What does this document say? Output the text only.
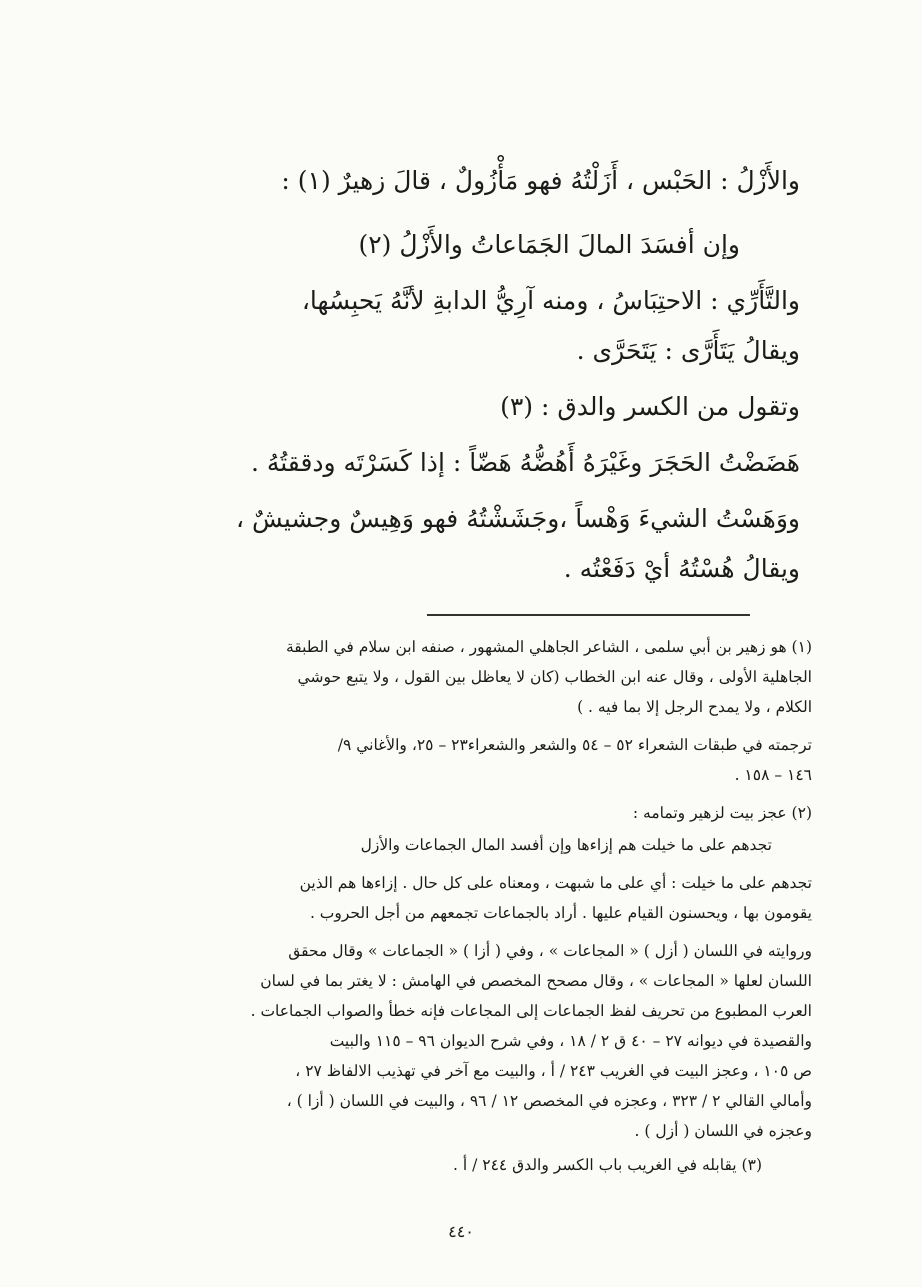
والأَزْلُ : الحَبْس ، أَزَلْتُهُ فهو مَأْزُولٌ ، قالَ زهيرٌ (١) :
وإن أفسَدَ المالَ الجَمَاعاتُ والأَزْلُ (٢)
والتَّأَرِّي : الاحتِبَاسُ ، ومنه آرِيُّ الدابةِ لأنَّهُ يَحبِسُها،
ويقالُ يَتَأَرَّى : يَتَحَرَّى .
وتقول من الكسر والدق : (٣)
هَضَضْتُ الحَجَرَ وغَيْرَهُ أَهُضُّهُ هَضّاً : إذا كَسَرْتَه ودققتُهُ .
ووَهَسْتُ الشيءَ وَهْساً ،وجَشَشْتُهُ فهو وَهِيسٌ وجشيشٌ ،
ويقالُ هُسْتُهُ أيْ دَفَعْتُه .
(١) هو زهير بن أبي سلمى ، الشاعر الجاهلي المشهور ، صنفه ابن سلام في الطبقة
الجاهلية الأولى ، وقال عنه ابن الخطاب (كان لا يعاظل بين القول ، ولا يتبع حوشي
الكلام ، ولا يمدح الرجل إلا بما فيه . )
ترجمته في طبقات الشعراء ٥٢ – ٥٤ والشعر والشعراء٢٣ – ٢٥، والأغاني ٩/
١٤٦ – ١٥٨ .
(٢) عجز بيت لزهير وتمامه :
تجدهم على ما خيلت هم إزاءها وإن أفسد المال الجماعات والأزل
تجدهم على ما خيلت : أي على ما شبهت ، ومعناه على كل حال . إزاءها هم الذين
يقومون بها ، ويحسنون القيام عليها . أراد بالجماعات تجمعهم من أجل الحروب .
وروايته في اللسان ( أزل ) « المجاعات » ، وفي ( أزا ) « الجماعات » وقال محقق
اللسان لعلها « المجاعات » ، وقال مصحح المخصص في الهامش : لا يغتر بما في لسان
العرب المطبوع من تحريف لفظ الجماعات إلى المجاعات فإنه خطأ والصواب الجماعات .
والقصيدة في ديوانه ٢٧ – ٤٠ ق ٢ / ١٨ ، وفي شرح الديوان ٩٦ – ١١٥ والبيت
ص ١٠٥ ، وعجز البيت في الغريب ٢٤٣ / أ ، والبيت مع آخر في تهذيب الالفاظ ٢٧ ،
وأمالي القالي ٢ / ٣٢٣ ، وعجزه في المخصص ١٢ / ٩٦ ، والبيت في اللسان ( أزا ) ،
وعجزه في اللسان ( أزل ) .
(٣) يقابله في الغريب باب الكسر والدق ٢٤٤ / أ .
٤٤٠
